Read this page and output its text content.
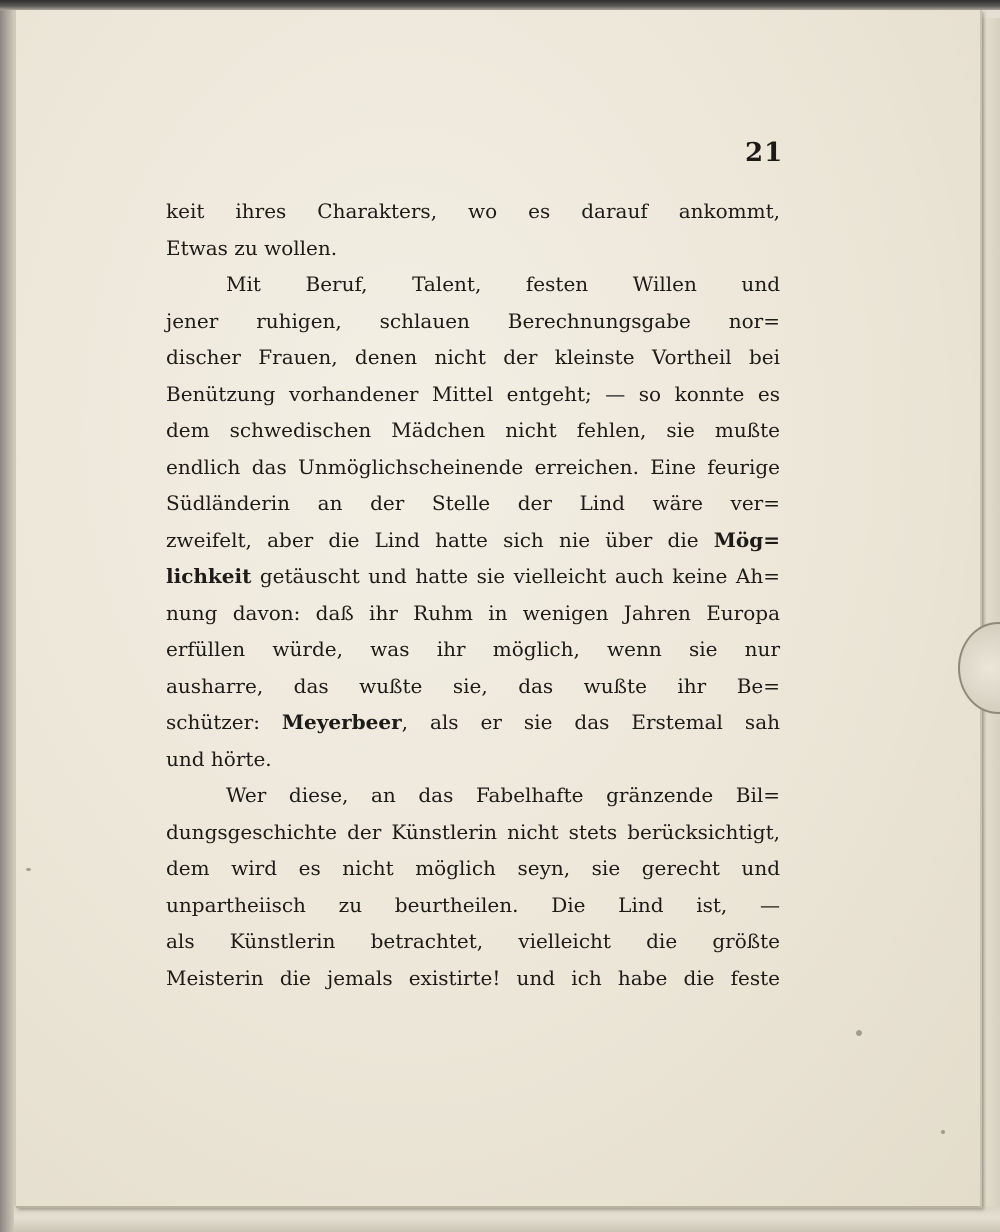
21
keit ihres Charakters, wo es darauf ankommt,
Etwas zu wollen.
Mit Beruf, Talent, festen Willen und
jener ruhigen, schlauen Berechnungsgabe nor=
discher Frauen, denen nicht der kleinste Vortheil bei
Benützung vorhandener Mittel entgeht; — so konnte es
dem schwedischen Mädchen nicht fehlen, sie mußte
endlich das Unmöglichscheinende erreichen. Eine feurige
Südländerin an der Stelle der Lind wäre ver=
zweifelt, aber die Lind hatte sich nie über die Mög=
lichkeit getäuscht und hatte sie vielleicht auch keine Ah=
nung davon: daß ihr Ruhm in wenigen Jahren Europa
erfüllen würde, was ihr möglich, wenn sie nur
ausharre, das wußte sie, das wußte ihr Be=
schützer: Meyerbeer, als er sie das Erstemal sah
und hörte.
Wer diese, an das Fabelhafte gränzende Bil=
dungsgeschichte der Künstlerin nicht stets berücksichtigt,
dem wird es nicht möglich seyn, sie gerecht und
unpartheiisch zu beurtheilen. Die Lind ist, —
als Künstlerin betrachtet, vielleicht die größte
Meisterin die jemals existirte! und ich habe die feste
